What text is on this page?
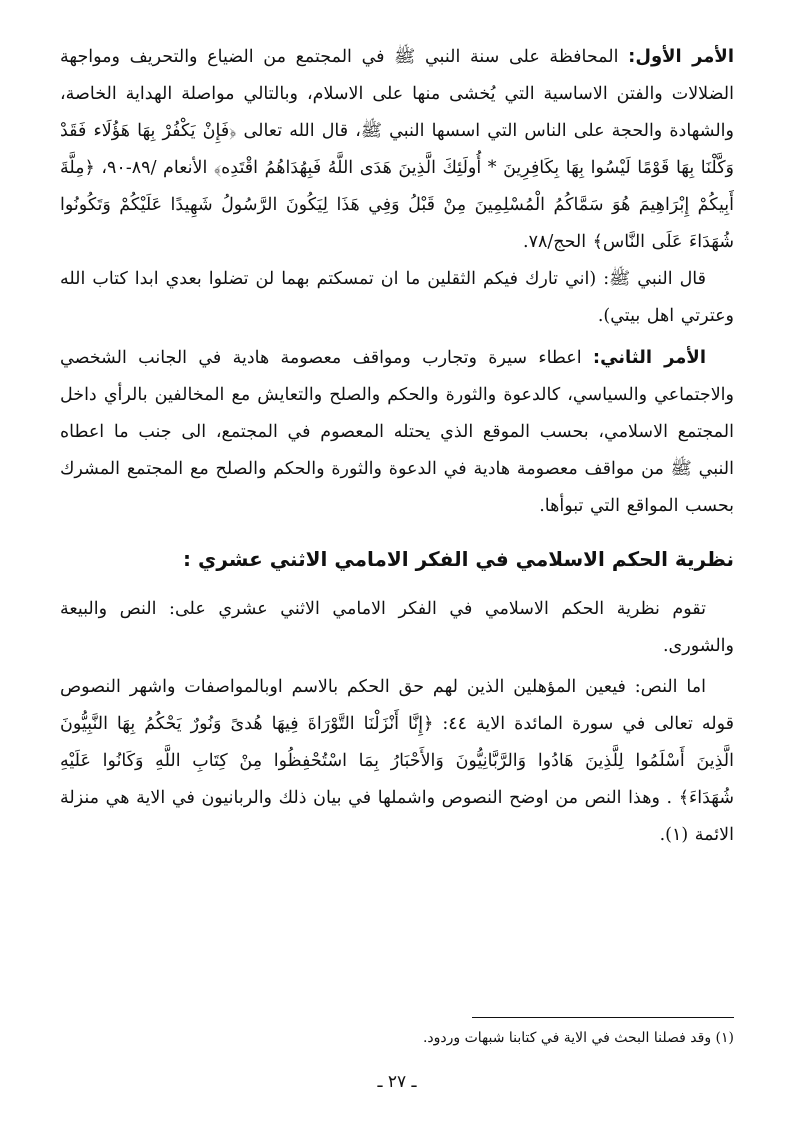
الأمر الأول: المحافظة على سنة النبي ﷺ في المجتمع من الضياع والتحريف ومواجهة الضلالات والفتن الاساسية التي يُخشى منها على الاسلام، وبالتالي مواصلة الهداية الخاصة، والشهادة والحجة على الناس التي اسسها النبي ﷺ، قال الله تعالى ﴿فَإِنْ يَكْفُرْ بِهَا هَؤُلَاء فَقَدْ وَكَّلْنَا بِهَا قَوْمًا لَيْسُوا بِهَا بِكَافِرِينَ * أُولَئِكَ الَّذِينَ هَدَى اللَّهُ فَبِهُدَاهُمُ اقْتَدِه﴾ الأنعام /٨٩-٩٠، ﴿مِلَّةَ أَبِيكُمْ إِبْرَاهِيمَ هُوَ سَمَّاكُمُ الْمُسْلِمِينَ مِنْ قَبْلُ وَفِي هَذَا لِيَكُونَ الرَّسُولُ شَهِيدًا عَلَيْكُمْ وَتَكُونُوا شُهَدَاءَ عَلَى النَّاس﴾ الحج/٧٨.

قال النبي ﷺ: (اني تارك فيكم الثقلين ما ان تمسكتم بهما لن تضلوا بعدي ابدا كتاب الله وعترتي اهل بيتي).

الأمر الثاني: اعطاء سيرة وتجارب ومواقف معصومة هادية في الجانب الشخصي والاجتماعي والسياسي، كالدعوة والثورة والحكم والصلح والتعايش مع المخالفين بالرأي داخل المجتمع الاسلامي، بحسب الموقع الذي يحتله المعصوم في المجتمع، الى جنب ما اعطاه النبي ﷺ من مواقف معصومة هادية في الدعوة والثورة والحكم والصلح مع المجتمع المشرك بحسب المواقع التي تبوأها.

نظرية الحكم الاسلامي في الفكر الامامي الاثني عشري :

تقوم نظرية الحكم الاسلامي في الفكر الامامي الاثني عشري على: النص والبيعة والشورى.

اما النص: فيعين المؤهلين الذين لهم حق الحكم بالاسم اوبالمواصفات واشهر النصوص قوله تعالى في سورة المائدة الاية ٤٤: ﴿إِنَّا أَنْزَلْنَا التَّوْرَاةَ فِيهَا هُدىً وَنُورٌ يَحْكُمُ بِهَا النَّبِيُّونَ الَّذِينَ أَسْلَمُوا لِلَّذِينَ هَادُوا وَالرَّبَّانِيُّونَ وَالأَحْبَارُ بِمَا اسْتُحْفِظُوا مِنْ كِتَابِ اللَّهِ وَكَانُوا عَلَيْهِ شُهَدَاءَ﴾ . وهذا النص من اوضح النصوص واشملها في بيان ذلك والربانيون في الاية هي منزلة الائمة (١).

(١) وقد فصلنا البحث في الاية في كتابنا شبهات وردود.
ـ ٢٧ ـ
